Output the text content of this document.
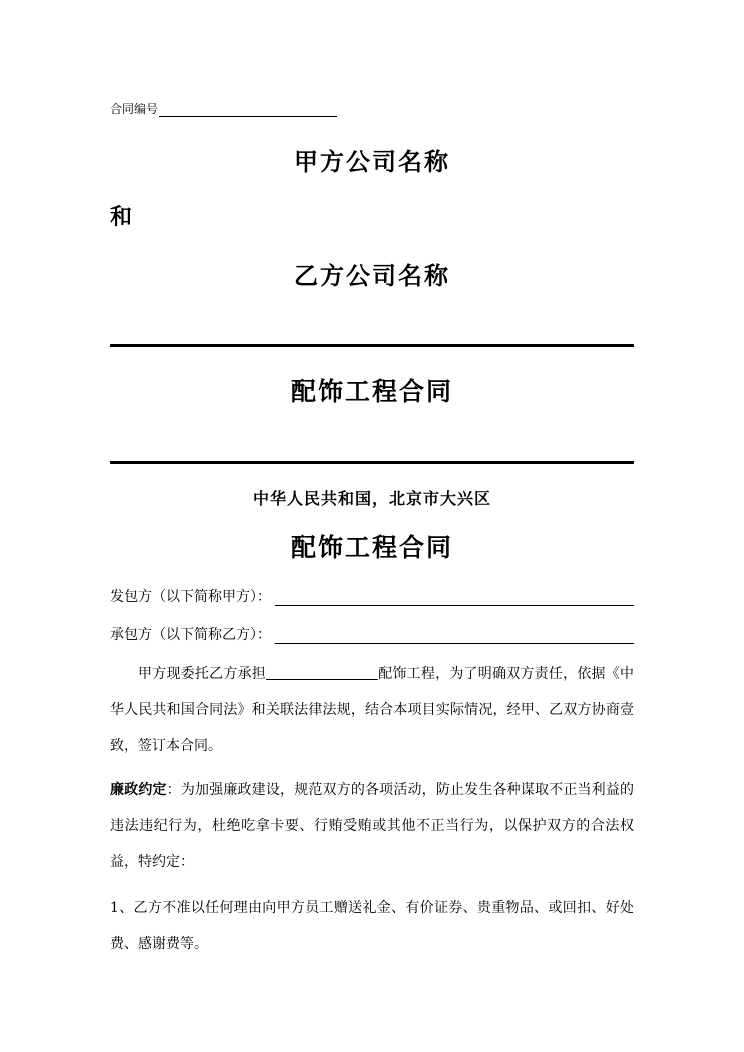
合同编号
甲方公司名称
和
乙方公司名称
配饰工程合同
中华人民共和国，北京市大兴区
配饰工程合同
发包方（以下简称甲方）：
承包方（以下简称乙方）：
甲方现委托乙方承担	配饰工程，为了明确双方责任，依据《中华人民共和国合同法》和关联法律法规，结合本项目实际情况，经甲、乙双方协商壹致，签订本合同。
廉政约定：为加强廉政建设，规范双方的各项活动，防止发生各种谋取不正当利益的违法违纪行为，杜绝吃拿卡要、行贿受贿或其他不正当行为，以保护双方的合法权益，特约定：
1、乙方不准以任何理由向甲方员工赠送礼金、有价证券、贵重物品、或回扣、好处费、感谢费等。
